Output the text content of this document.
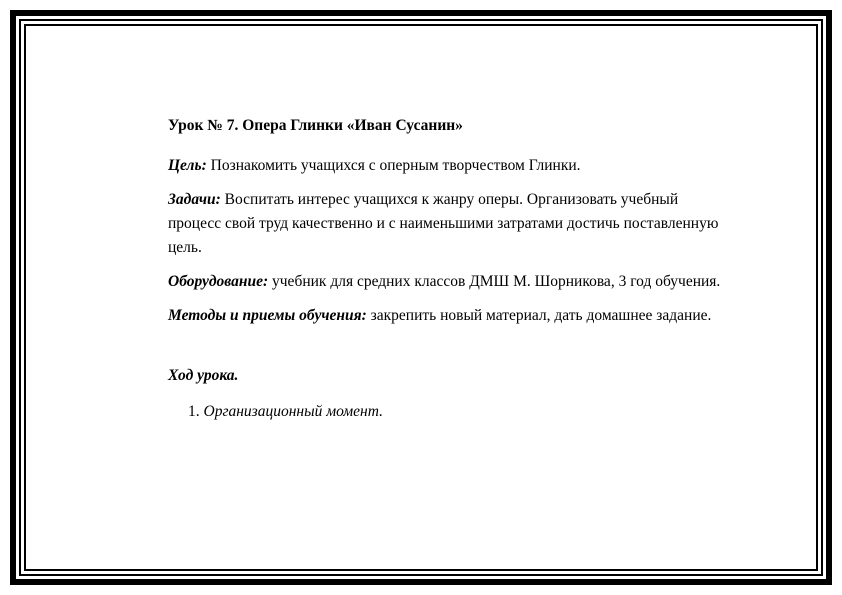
Урок № 7. Опера Глинки «Иван Сусанин»
Цель: Познакомить учащихся с оперным творчеством Глинки.
Задачи: Воспитать интерес учащихся к жанру оперы. Организовать учебный процесс свой труд качественно и с наименьшими затратами достичь поставленную цель.
Оборудование: учебник для средних классов ДМШ М. Шорникова, 3 год обучения.
Методы и приемы обучения: закрепить новый материал, дать домашнее задание.
Ход урока.
1. Организационный момент.
